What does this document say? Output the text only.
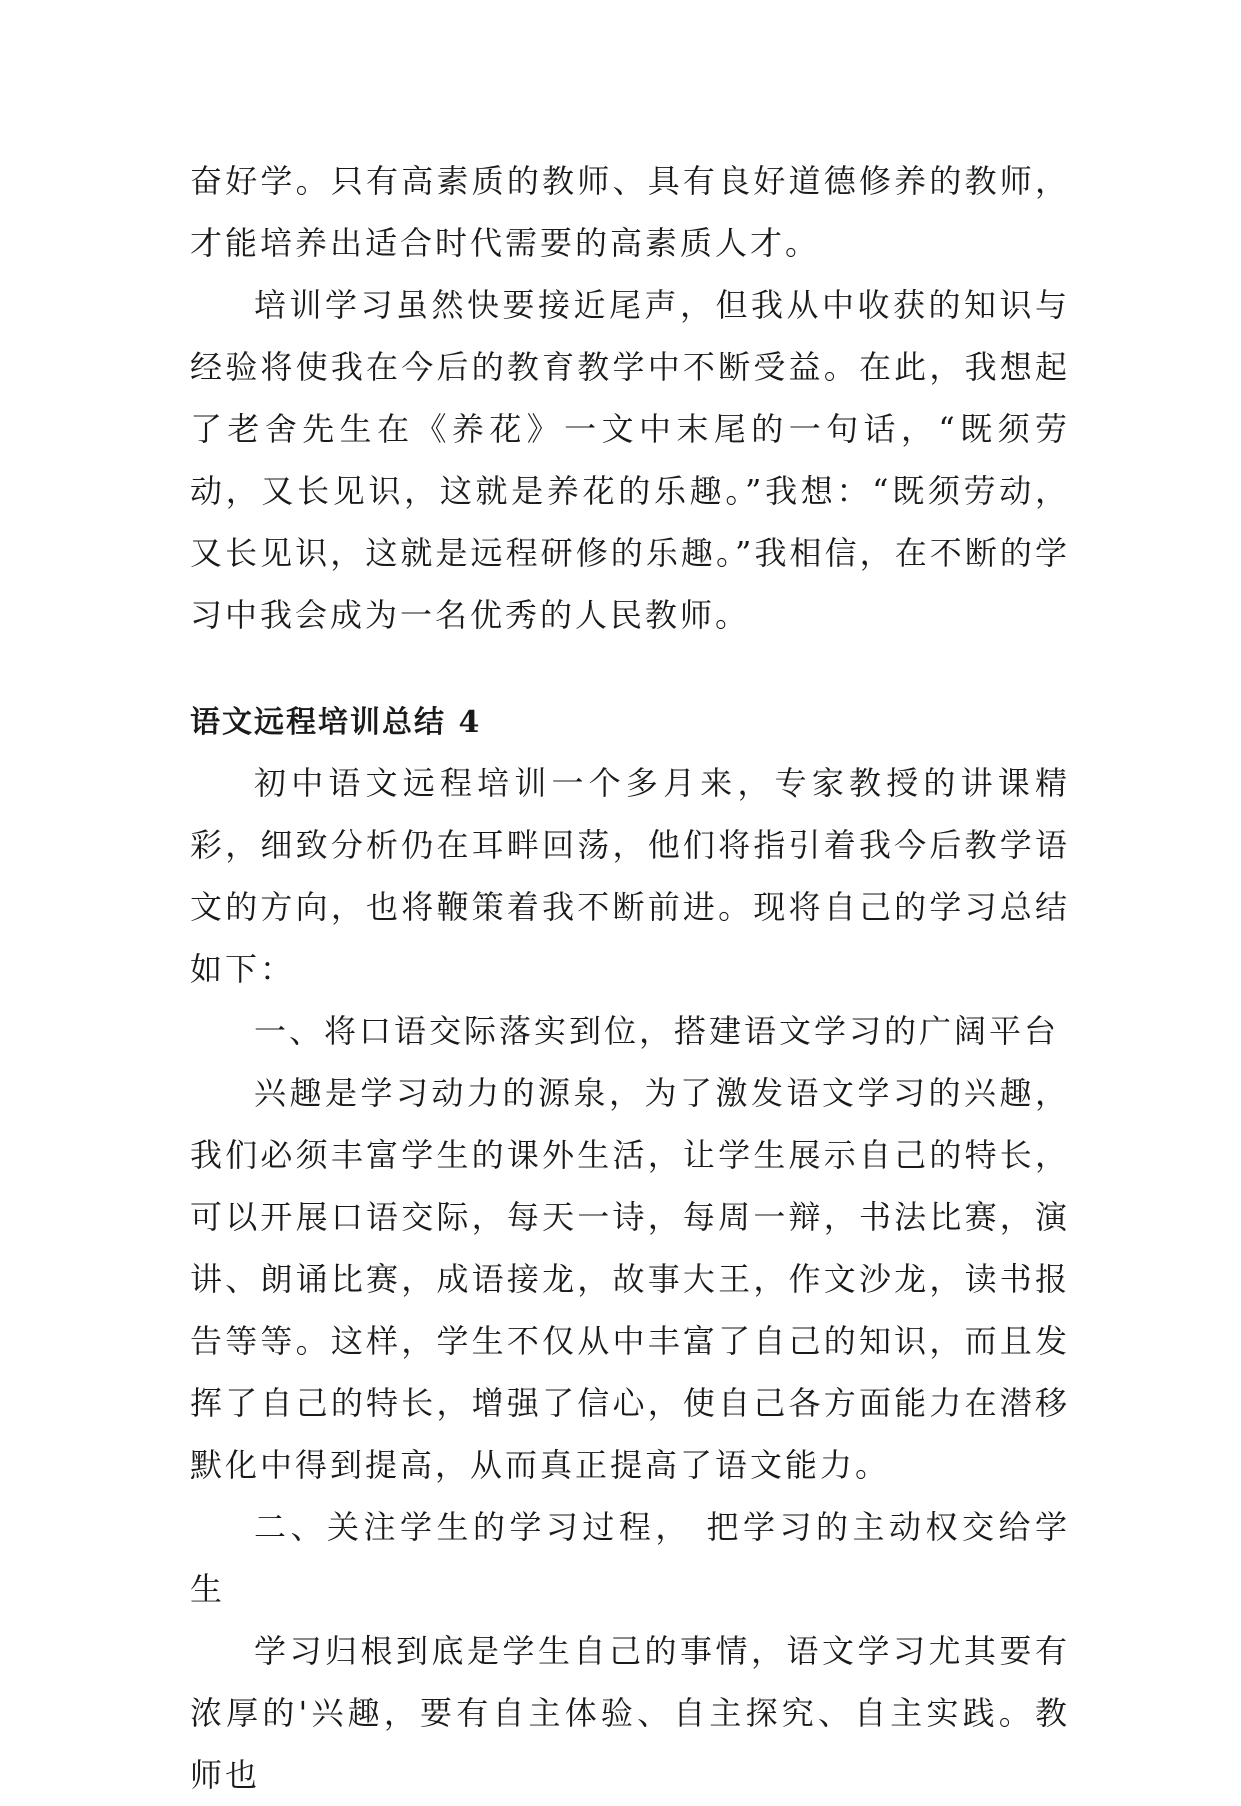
奋好学。只有高素质的教师、具有良好道德修养的教师，才能培养出适合时代需要的高素质人才。

培训学习虽然快要接近尾声，但我从中收获的知识与经验将使我在今后的教育教学中不断受益。在此，我想起了老舍先生在《养花》一文中末尾的一句话，“既须劳动，又长见识，这就是养花的乐趣。”我想：“既须劳动，又长见识，这就是远程研修的乐趣。”我相信，在不断的学习中我会成为一名优秀的人民教师。

语文远程培训总结 4

初中语文远程培训一个多月来，专家教授的讲课精彩，细致分析仍在耳畔回荡，他们将指引着我今后教学语文的方向，也将鞭策着我不断前进。现将自己的学习总结如下：

一、将口语交际落实到位，搭建语文学习的广阔平台

兴趣是学习动力的源泉，为了激发语文学习的兴趣，我们必须丰富学生的课外生活，让学生展示自己的特长，可以开展口语交际，每天一诗，每周一辩，书法比赛，演讲、朗诵比赛，成语接龙，故事大王，作文沙龙，读书报告等等。这样，学生不仅从中丰富了自己的知识，而且发挥了自己的特长，增强了信心，使自己各方面能力在潜移默化中得到提高，从而真正提高了语文能力。

二、关注学生的学习过程， 把学习的主动权交给学生

学习归根到底是学生自己的事情，语文学习尤其要有浓厚的'兴趣，要有自主体验、自主探究、自主实践。教师也
